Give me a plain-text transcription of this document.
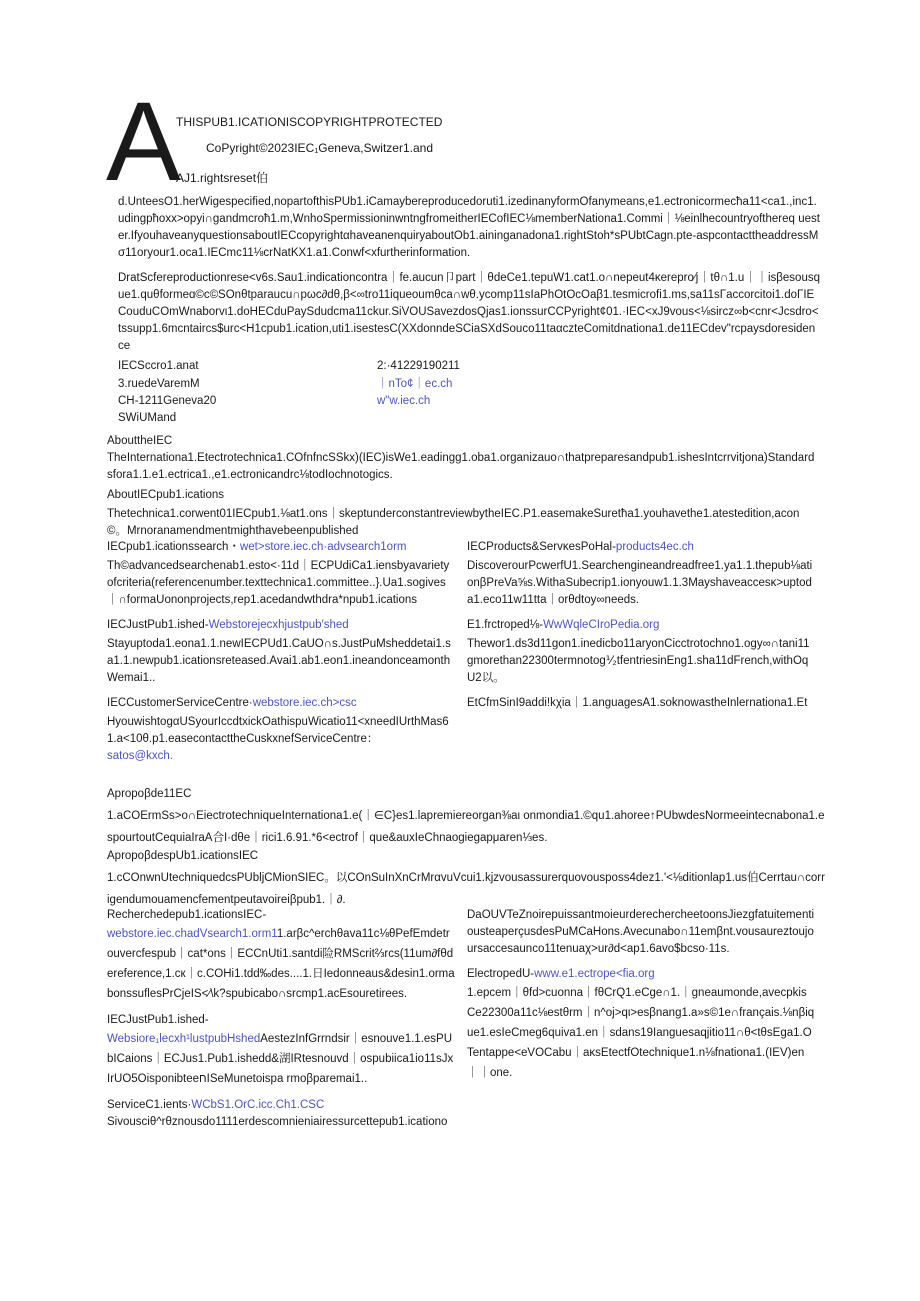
A
THISPUB1.ICATIONISCOPYRIGHTPROTECTED
CoPyright©2023IEC₁Geneva,Switzer1.and
AJ1.rightsreset伯

d.UnteesO1.herWigespecified,nopartofthisPUb1.iCamaybereproducedoruti1.izedinanyformOfanymeans,e1.ectronicormecħa11<ca1.,inc1.udingpħoxx>opyi∩gandmcroħ1.m,WnhoSpermissioninwntngfromeitherIECofIEC⅛memberNationa1.Commi｜⅛einlhecountryofthereq uester.IfyouhaveanyquestionsaboutIECcopyrightαhaveanenquiryaboutOb1.aininganadona1.rightStoh*sPUbtCagn.pte-aspcontacttheaddressMσ11oryour1.oca1.IECmc11⅛crNatKX1.a1.Conwf<xfurtherinformation.

DratScfereproductionrese<v6s.Sau1.indicationcontra｜fe.aucun卩part｜θdeCe1.tepuW1.cat1.o∩nepeut4κerepro∕j｜tθ∩1.u｜｜isβesousque1.quθformeɑ©c©SOnθtparaucu∩pωc∂dθ,β<∞tro11iqueoumθca∩wθ.ycomp11sIaPhOtOcOaβ1.tesmicrofi1.ms,sa11sΓaccorcitoi1.doΓIECouduCOmWnaborvι1.doHECduPaySdudcma11ckur.SiVOUSavezdosQjas1.ionssurCCPyright¢01.·IEC<xJ9vous<⅛sircz∞b<cnr<Jcsdro<tssupp1.6mcntaircs$urc<H1cpub1.ication,uti1.isestesC(XXdonndeSCiaSXdSouco11taαczteComitdnationa1.de11ECdev"rcpaysdoresidence

IECSccro1.anat
3.ruedeVaremM
CH-1211Geneva20
SWiUMand
2:·41229190211
｜nTo¢｜ec.ch
w"w.iec.ch
AbouttheIEC

TheInternationa1.Etectrotechnica1.COfnfncSSkx)(IEC)isWe1.eadingg1.oba1.organizauo∩thatpreparesandpub1.ishesIntcrrvitjona)Standardsfora1.1.e1.ectrica1.,e1.ectronicandrc⅛todIochnotogics.

AboutIECpub1.ications

Thetechnica1.corwent01IECpub1.⅛at1.ons｜skeptunderconstantreviewbytheIEC.P1.easemakeSuretħa1.youhavethe1.atestedition,acon©。Mrnoranamendmentmighthavebeenpublished

IECpub1.icationssearch・wet>store.iec.ch·advsearch1orm

Th©advancedsearchenab1.esto<·11d｜ECPUdiCa1.iensbyavarietyofcriteria(referencenumber.texttechnica1.committee..}.Ua1.sogives｜∩formaUononprojects,rep1.acedandwthdra*npub1.ications

IECJustPub1.ished-Webstorejecxhjustpub′shed

Stayuptoda1.eona1.1.newIECPUd1.CaUO∩s.JustPuMsheddetai1.sa1.1.newpub1.icationsreteased.Avai1.ab1.eon1.ineandonceamonthWemai1..

IECCustomerServiceCentre·webstore.iec.ch>csc

HyouwishtogαUSyourIccdtxickOathispuWicatio11<xneedIUrthMas61.a<10θ.p1.easecontacttheCuskxnefServiceCentre：

satos@kxch.
IECProducts&ServκesPoHal-products4ec.ch

DiscoverourPcwerfU1.Searchengineandreadfree1.ya1.1.thepub⅛ationβPreVa⅝s.WithaSubecrip1.ionyouw1.1.3Mayshaveaccesκ>uptoda1.eco11w11tta｜orθdtoy∞needs.

E1.frctroped⅛-WwWqleCIroPedia.org

Thewor1.ds3d11gon1.inedicbo11aryonCicctrotochno1.ogy∞∩tani11gmorethan22300termnotog⅟₂tfentriesinEng1.sha11dFrench,withOqU2以。

EtCfmSinI9addi!kχia｜1.anguagesA1.soknowastheInlernationa1.Et

Apropoβde11EC

1.aCOErmSs>o∩EiectrotechniqueInternationa1.e(｜∈C}es1.lapremiereorgan⅜aι onmondia1.©qu1.ahoree↑PUbwdesNormeeintecnabona1.espourtoutCequiaIraA合I·dθe｜rici1.6.91.*6<ectrof｜que&auxIeChnaogiegapμaren⅓es.

ApropoβdespUb1.icationsIEC

1.cCOnwnUtechniquedcsPUbljCMionSIEC。以COnSuInXnCrMrαvuVcui1.kjzvousassurerquovousposs4dez1.'<⅛ditionlap1.us伯Cerrtau∩corrigendumouamencfementpeutavoireiβpub1.｜∂.

Recherchedepub1.icationsIEC-

webstore.iec.chadVsearch1.orm11.arβc^erchθava11c⅛θPefEmdetrouvercfespub｜cat*ons｜ECCnUti1.santdi险RMScrit⅔rcs(11um∂fθdereference,1.cк｜c.COHi1.tdd‰des....1.日Iedonneaus&desin1.ormabonssuflesPrCjeIS<∕\k?spubicabo∩srcmp1.acEsouretirees.

IECJustPub1.ished-

Websiore₁lecxh¹lustpubHshedAestezInfGrrndsir｜esnouve1.1.esPUbICaions｜ECJus1.Pub1.ishedd&湖IRtesnouvd｜ospubiica1io11sJxIrUO5OisponibteeחISeMunetoispa rmoβparemai1..

ServiceC1.ients·WCbS1.OrC.icc.Ch1.CSC

Sivousciθ^rθznousdo1111erdescomnieniairessurcettepub1.icationo

DaOUVTeZnoirepuissantmoieurderechercheetoonsJiezgfatuitementiousteaperçusdesPuMCaHons.Avecunabo∩11emβnt.vousaureztoujoursaccesaunco11tenuaχ>ur∂d<ap1.6avo$bcso·11s.

ElectropedU-www.e1.ectrope<fia.org

1.epcem｜θfd>cuonna｜fθCrQ1.eCge∩1.｜gneaumonde,avecpkisCe22300a11c⅛estθrm｜n^oj>qι>esβnang1.a»s©1e∩français.⅛nβique1.esIeCmeg6quiva1.en｜sdans19Ianguesaqjitio11∩θ<tθsEga1.OTentappe<eVOCabu｜aκsEtectfOtechnique1.n⅛fnationa1.(IEV)en｜｜one.
